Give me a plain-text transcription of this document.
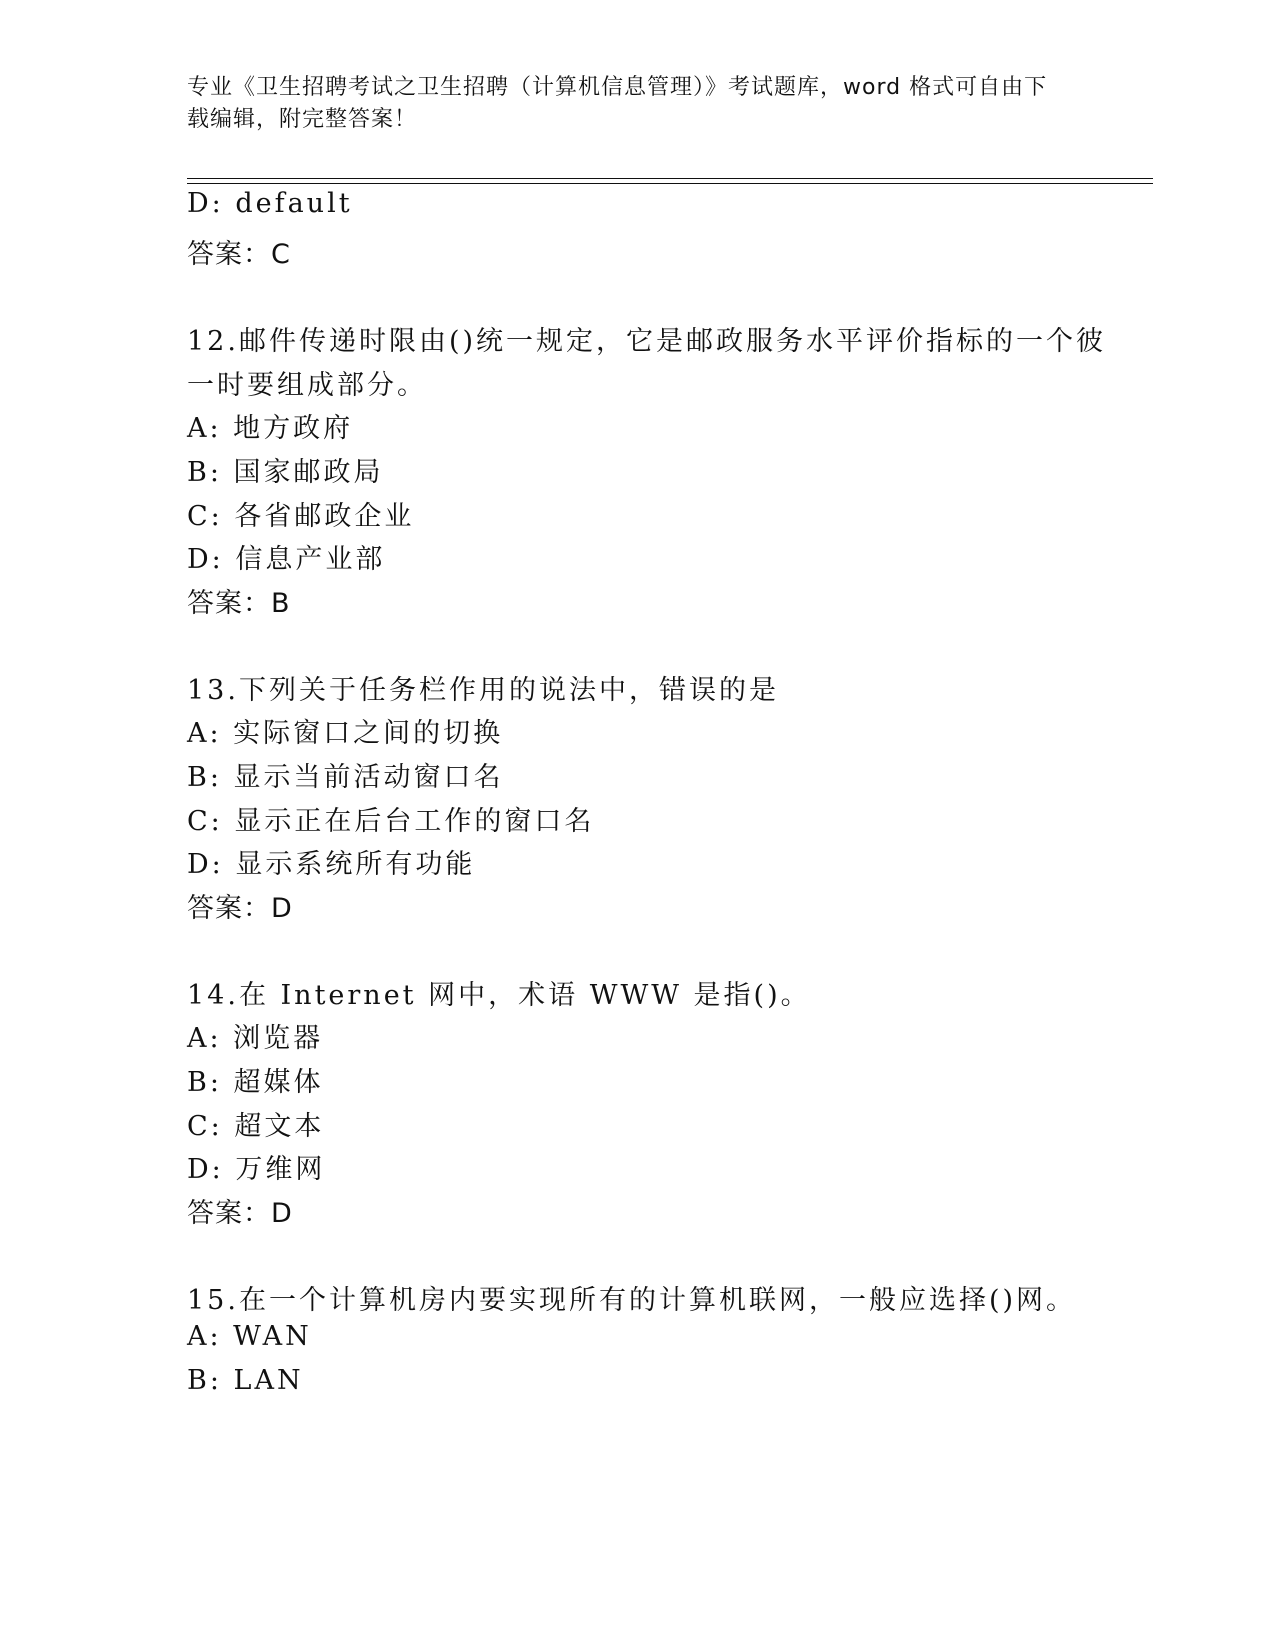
专业《卫生招聘考试之卫生招聘（计算机信息管理）》考试题库，word 格式可自由下载编辑，附完整答案！
D: default
答案：C
12.邮件传递时限由()统一规定，它是邮政服务水平评价指标的一个彼
一时要组成部分。
A: 地方政府
B: 国家邮政局
C: 各省邮政企业
D: 信息产业部
答案：B
13.下列关于任务栏作用的说法中，错误的是
A: 实际窗口之间的切换
B: 显示当前活动窗口名
C: 显示正在后台工作的窗口名
D: 显示系统所有功能
答案：D
14.在 Internet 网中，术语 WWW 是指()。
A: 浏览器
B: 超媒体
C: 超文本
D: 万维网
答案：D
15.在一个计算机房内要实现所有的计算机联网，一般应选择()网。
A: WAN
B: LAN
